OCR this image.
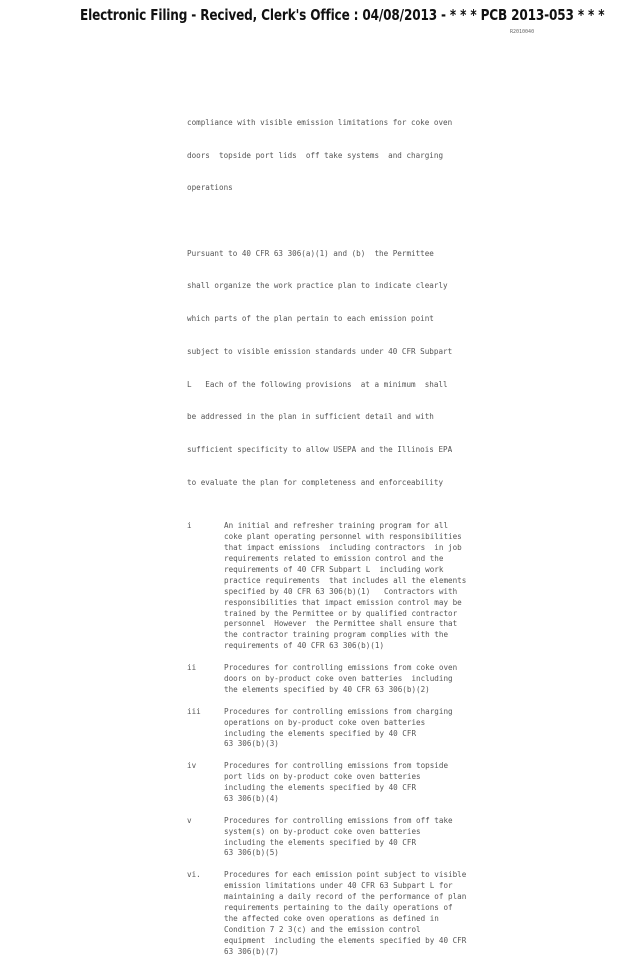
Electronic Filing - Recived, Clerk's Office : 04/08/2013 - * * * PCB 2013-053 * * *
R2010040

compliance with visible emission limitations for coke oven

doors  topside port lids  off take systems  and charging

operations

Pursuant to 40 CFR 63 306(a)(1) and (b)  the Permittee

shall organize the work practice plan to indicate clearly

which parts of the plan pertain to each emission point

subject to visible emission standards under 40 CFR Subpart

L   Each of the following provisions  at a minimum  shall

be addressed in the plan in sufficient detail and with

sufficient specificity to allow USEPA and the Illinois EPA

to evaluate the plan for completeness and enforceability

i	An initial and refresher training program for all
coke plant operating personnel with responsibilities
that impact emissions  including contractors  in job
requirements related to emission control and the
requirements of 40 CFR Subpart L  including work
practice requirements  that includes all the elements
specified by 40 CFR 63 306(b)(1)   Contractors with
responsibilities that impact emission control may be
trained by the Permittee or by qualified contractor
personnel  However  the Permittee shall ensure that
the contractor training program complies with the
requirements of 40 CFR 63 306(b)(1)
ii	Procedures for controlling emissions from coke oven
doors on by-product coke oven batteries  including
the elements specified by 40 CFR 63 306(b)(2)
iii	Procedures for controlling emissions from charging
operations on by-product coke oven batteries
including the elements specified by 40 CFR
63 306(b)(3)
iv	Procedures for controlling emissions from topside
port lids on by-product coke oven batteries
including the elements specified by 40 CFR
63 306(b)(4)
v	Procedures for controlling emissions from off take
system(s) on by-product coke oven batteries
including the elements specified by 40 CFR
63 306(b)(5)
vi.	Procedures for each emission point subject to visible
emission limitations under 40 CFR 63 Subpart L for
maintaining a daily record of the performance of plan
requirements pertaining to the daily operations of
the affected coke oven operations as defined in
Condition 7 2 3(c) and the emission control
equipment  including the elements specified by 40 CFR
63 306(b)(7)
